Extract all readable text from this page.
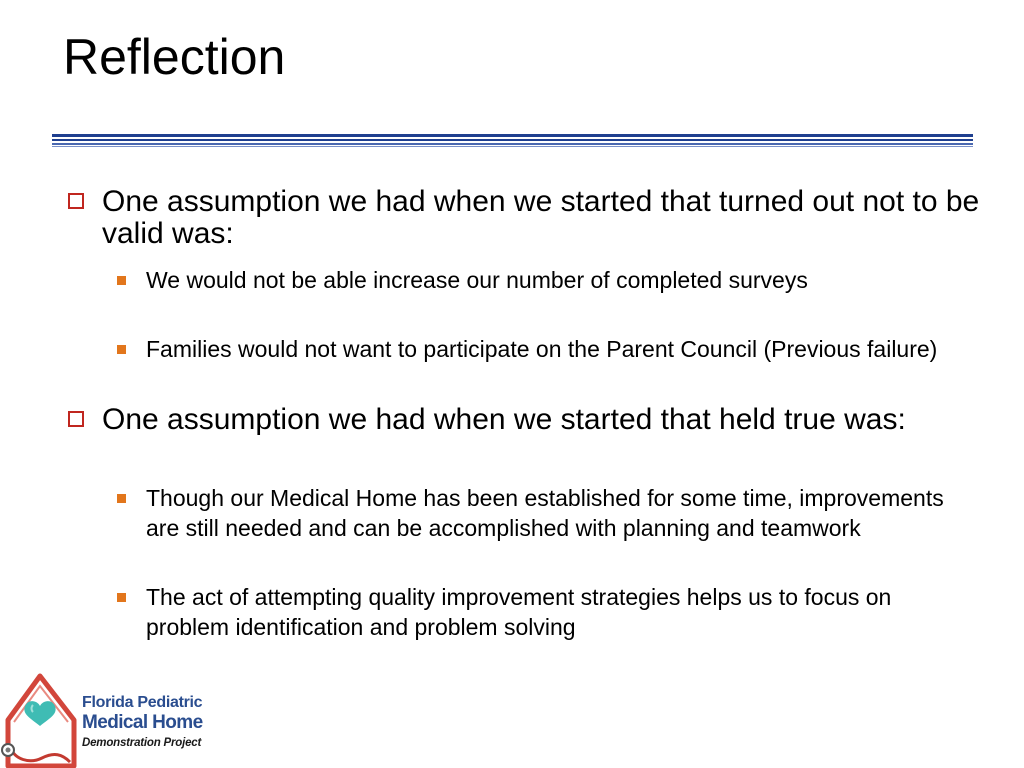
Reflection
One assumption we had when we started that turned out not to be valid was:
We would not be able increase our number of completed surveys
Families would not want to participate on the Parent Council (Previous failure)
One assumption we had when we started that held true was:
Though our Medical Home has been established for some time, improvements are still needed and can be accomplished with planning and teamwork
The act of attempting quality improvement strategies helps us to focus on problem identification and problem solving
Florida Pediatric
Medical Home
Demonstration Project
